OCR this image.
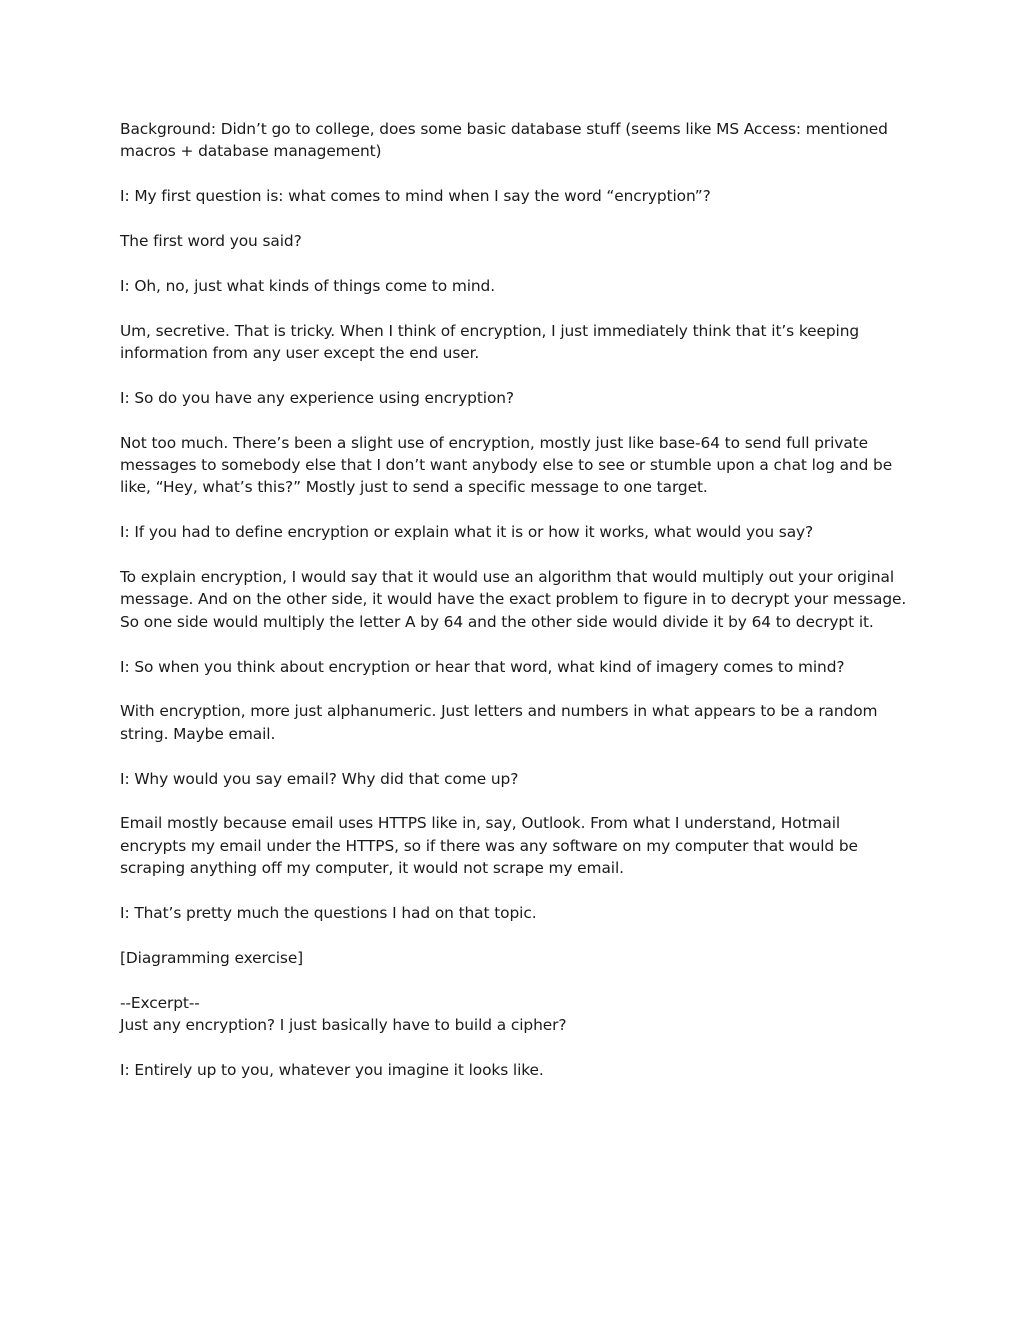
Background: Didn’t go to college, does some basic database stuff (seems like MS Access: mentioned macros + database management)

I: My first question is: what comes to mind when I say the word “encryption”?

The first word you said?

I: Oh, no, just what kinds of things come to mind.

Um, secretive. That is tricky. When I think of encryption, I just immediately think that it’s keeping information from any user except the end user.

I: So do you have any experience using encryption?

Not too much. There’s been a slight use of encryption, mostly just like base-64 to send full private messages to somebody else that I don’t want anybody else to see or stumble upon a chat log and be like, “Hey, what’s this?” Mostly just to send a specific message to one target.

I: If you had to define encryption or explain what it is or how it works, what would you say?

To explain encryption, I would say that it would use an algorithm that would multiply out your original message. And on the other side, it would have the exact problem to figure in to decrypt your message. So one side would multiply the letter A by 64 and the other side would divide it by 64 to decrypt it.

I: So when you think about encryption or hear that word, what kind of imagery comes to mind?

With encryption, more just alphanumeric. Just letters and numbers in what appears to be a random string. Maybe email.

I: Why would you say email? Why did that come up?

Email mostly because email uses HTTPS like in, say, Outlook. From what I understand, Hotmail encrypts my email under the HTTPS, so if there was any software on my computer that would be scraping anything off my computer, it would not scrape my email.

I: That’s pretty much the questions I had on that topic.

[Diagramming exercise]

--Excerpt--

Just any encryption? I just basically have to build a cipher?

I: Entirely up to you, whatever you imagine it looks like.
